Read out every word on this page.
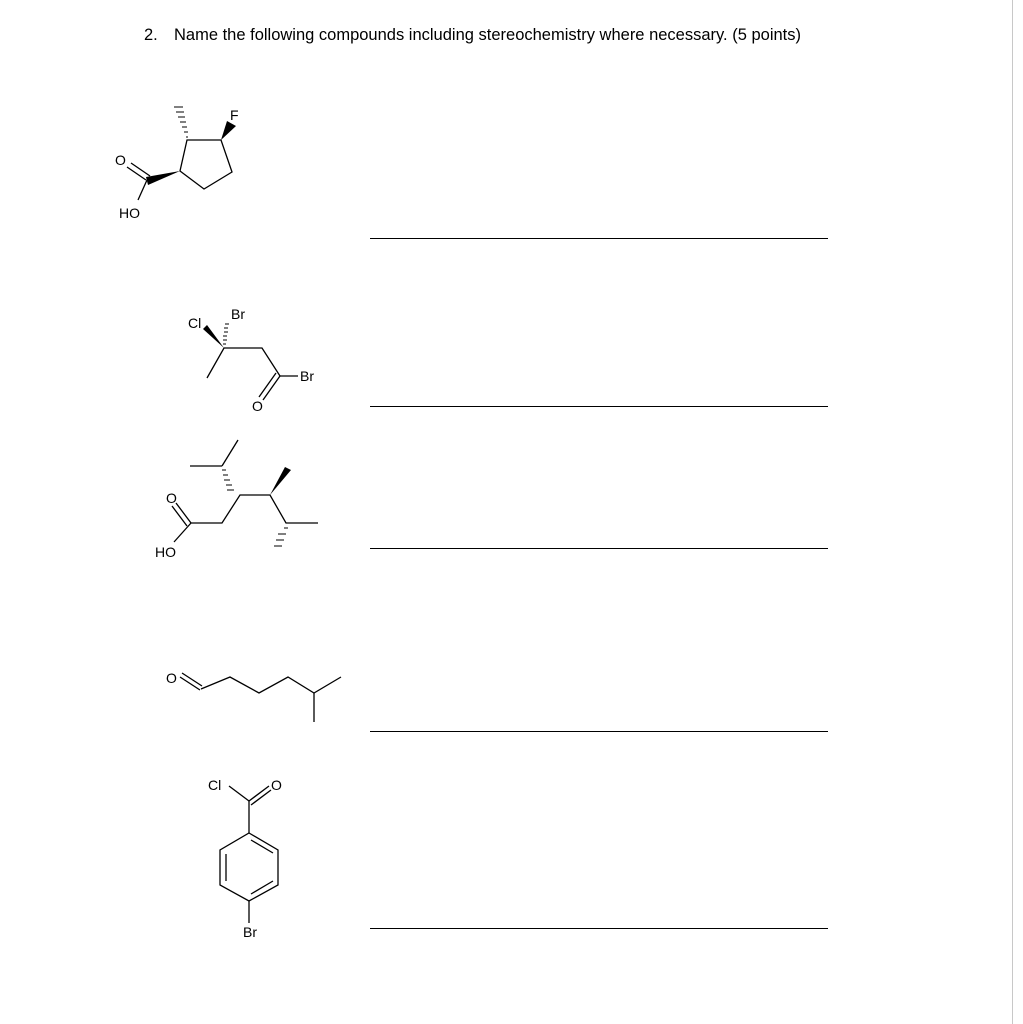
2. Name the following compounds including stereochemistry where necessary. (5 points)
F
O
HO
Cl
Br
Br
O
O
HO
O
Cl	O
Br
